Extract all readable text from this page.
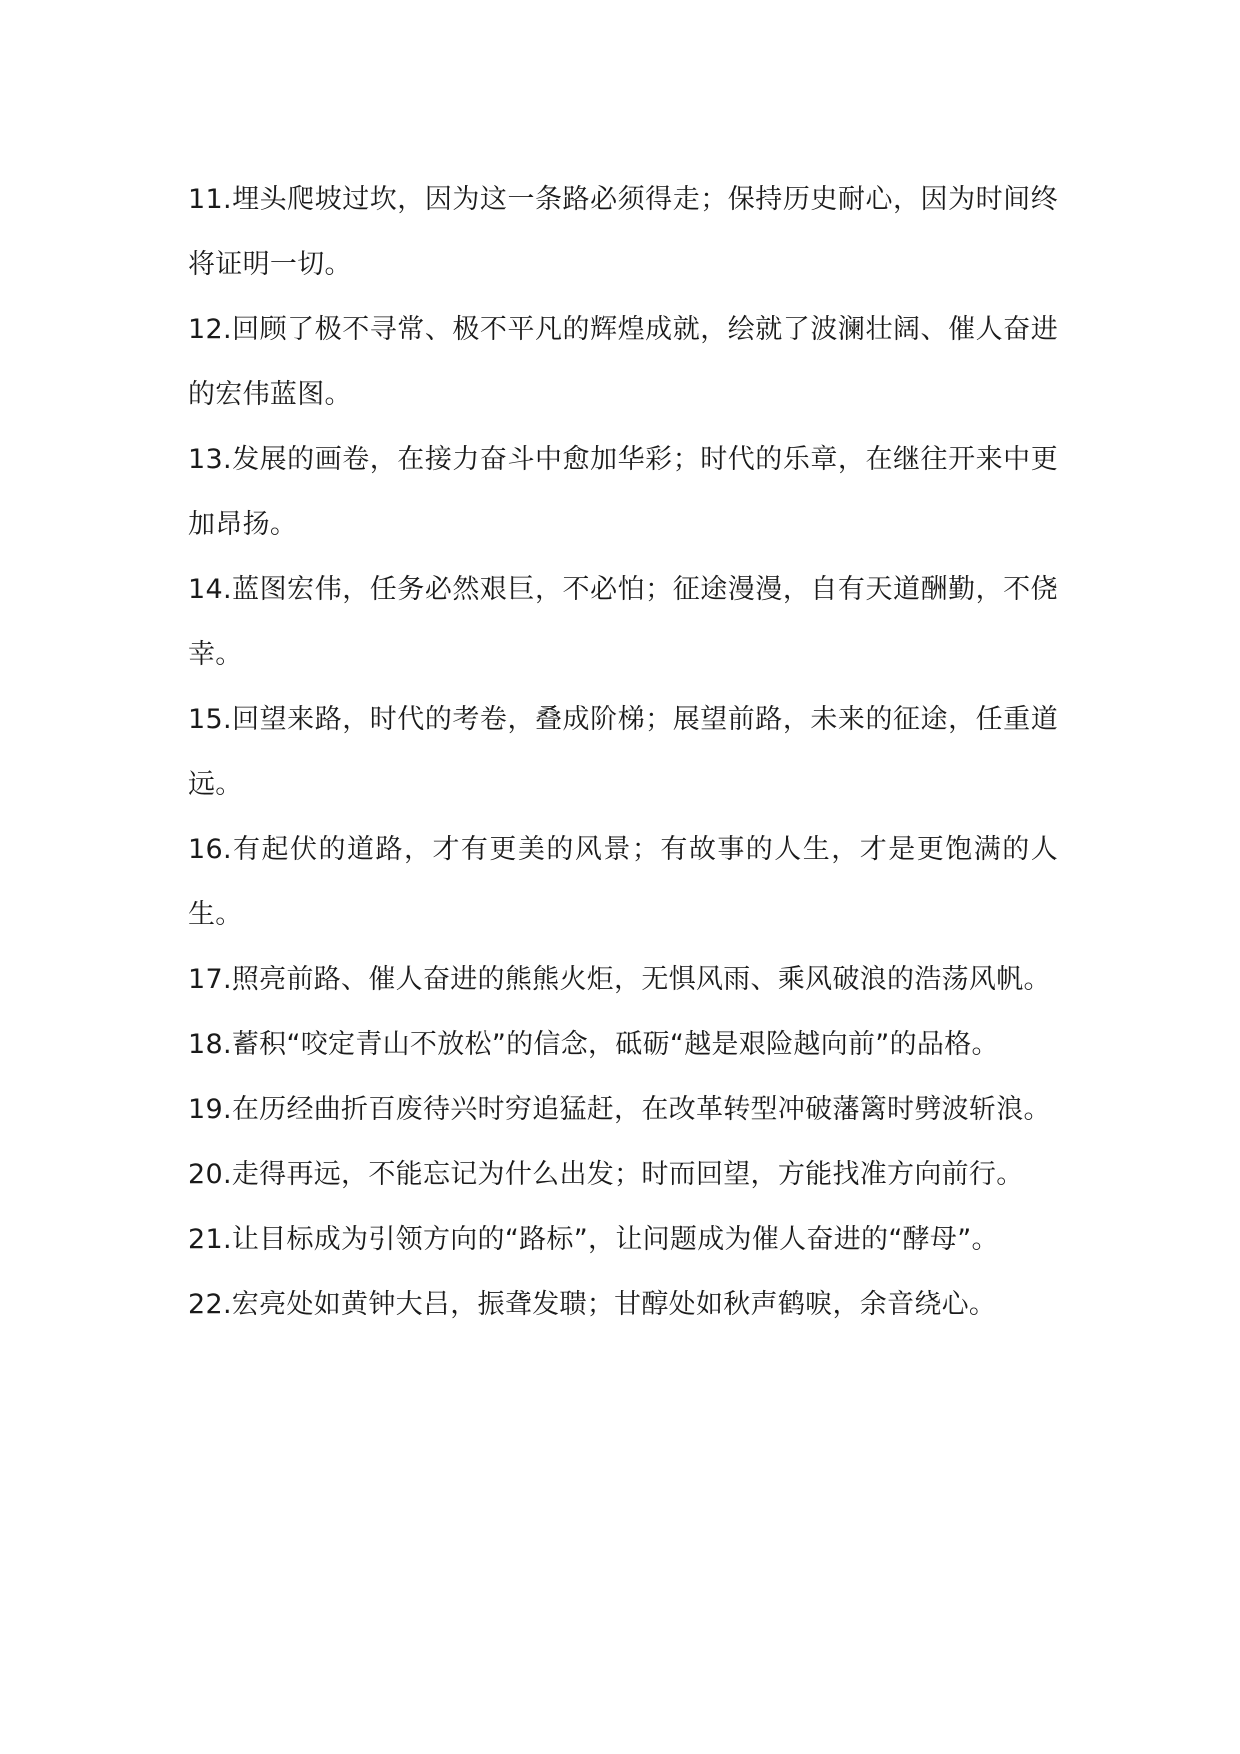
11.埋头爬坡过坎，因为这一条路必须得走；保持历史耐心，因为时间终将证明一切。

12.回顾了极不寻常、极不平凡的辉煌成就，绘就了波澜壮阔、催人奋进的宏伟蓝图。

13.发展的画卷，在接力奋斗中愈加华彩；时代的乐章，在继往开来中更加昂扬。

14.蓝图宏伟，任务必然艰巨，不必怕；征途漫漫，自有天道酬勤，不侥幸。

15.回望来路，时代的考卷，叠成阶梯；展望前路，未来的征途，任重道远。

16.有起伏的道路，才有更美的风景；有故事的人生，才是更饱满的人生。

17.照亮前路、催人奋进的熊熊火炬，无惧风雨、乘风破浪的浩荡风帆。

18.蓄积“咬定青山不放松”的信念，砥砺“越是艰险越向前”的品格。

19.在历经曲折百废待兴时穷追猛赶，在改革转型冲破藩篱时劈波斩浪。

20.走得再远，不能忘记为什么出发；时而回望，方能找准方向前行。

21.让目标成为引领方向的“路标”，让问题成为催人奋进的“酵母”。

22.宏亮处如黄钟大吕，振聋发聩；甘醇处如秋声鹤唳，余音绕心。
